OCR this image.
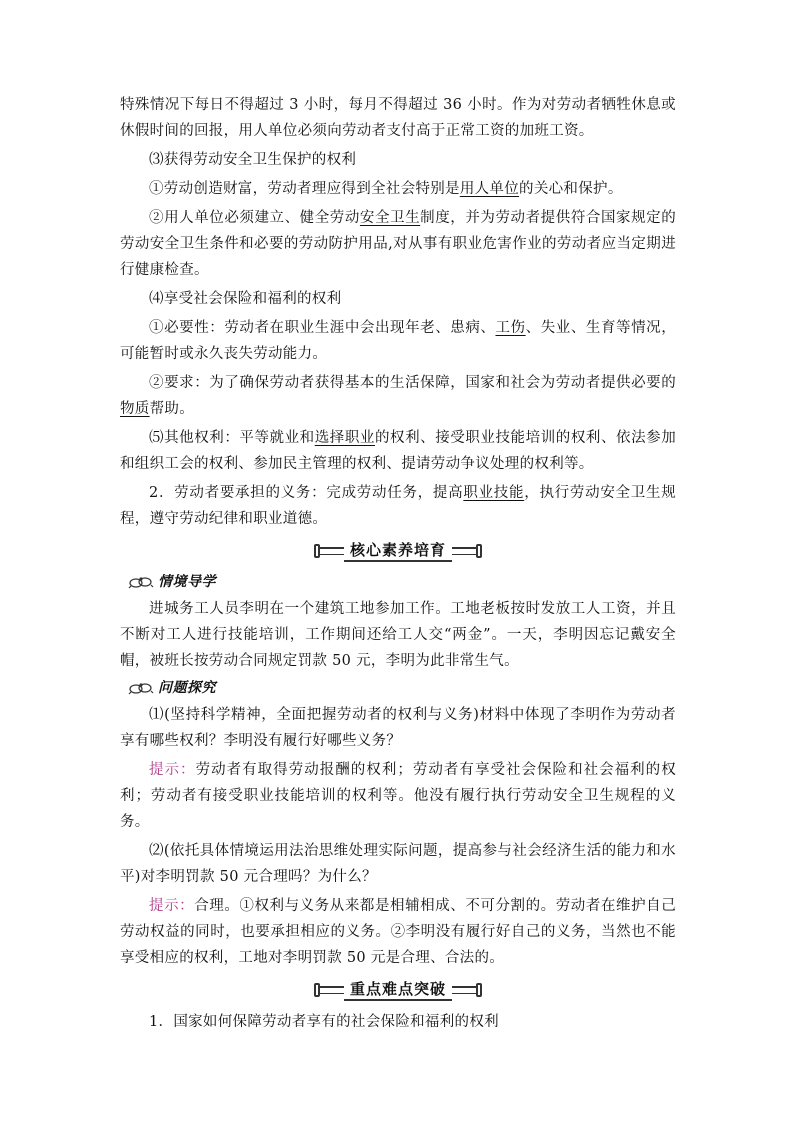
特殊情况下每日不得超过 3 小时，每月不得超过 36 小时。作为对劳动者牺牲休息或休假时间的回报，用人单位必须向劳动者支付高于正常工资的加班工资。

⑶获得劳动安全卫生保护的权利

①劳动创造财富，劳动者理应得到全社会特别是用人单位的关心和保护。

②用人单位必须建立、健全劳动安全卫生制度，并为劳动者提供符合国家规定的劳动安全卫生条件和必要的劳动防护用品,对从事有职业危害作业的劳动者应当定期进行健康检查。

⑷享受社会保险和福利的权利

①必要性：劳动者在职业生涯中会出现年老、患病、工伤、失业、生育等情况，可能暂时或永久丧失劳动能力。

②要求：为了确保劳动者获得基本的生活保障，国家和社会为劳动者提供必要的物质帮助。

⑸其他权利：平等就业和选择职业的权利、接受职业技能培训的权利、依法参加和组织工会的权利、参加民主管理的权利、提请劳动争议处理的权利等。

2．劳动者要承担的义务：完成劳动任务，提高职业技能，执行劳动安全卫生规程，遵守劳动纪律和职业道德。

核心素养培育
情境导学

进城务工人员李明在一个建筑工地参加工作。工地老板按时发放工人工资，并且不断对工人进行技能培训，工作期间还给工人交“两金”。一天，李明因忘记戴安全帽，被班长按劳动合同规定罚款 50 元，李明为此非常生气。

问题探究

⑴(坚持科学精神，全面把握劳动者的权利与义务)材料中体现了李明作为劳动者享有哪些权利？李明没有履行好哪些义务？

提示：劳动者有取得劳动报酬的权利；劳动者有享受社会保险和社会福利的权利；劳动者有接受职业技能培训的权利等。他没有履行执行劳动安全卫生规程的义务。

⑵(依托具体情境运用法治思维处理实际问题，提高参与社会经济生活的能力和水平)对李明罚款 50 元合理吗？为什么？

提示：合理。①权利与义务从来都是相辅相成、不可分割的。劳动者在维护自己劳动权益的同时，也要承担相应的义务。②李明没有履行好自己的义务，当然也不能享受相应的权利，工地对李明罚款 50 元是合理、合法的。

重点难点突破

1．国家如何保障劳动者享有的社会保险和福利的权利
